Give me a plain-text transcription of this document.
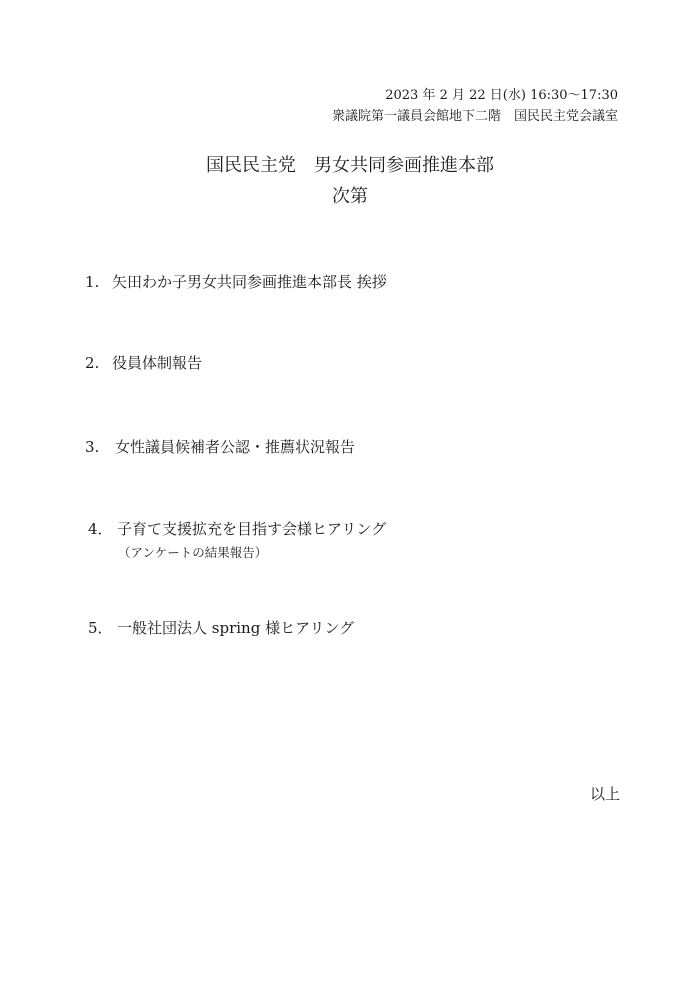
2023 年 2 月 22 日(水) 16:30〜17:30
衆議院第一議員会館地下二階　国民民主党会議室
国民民主党　男女共同参画推進本部
次第
1. 矢田わか子男女共同参画推進本部長 挨拶
2. 役員体制報告
3. 女性議員候補者公認・推薦状況報告
4． 子育て支援拡充を目指す会様ヒアリング
（アンケートの結果報告）
5． 一般社団法人 spring 様ヒアリング
以上
